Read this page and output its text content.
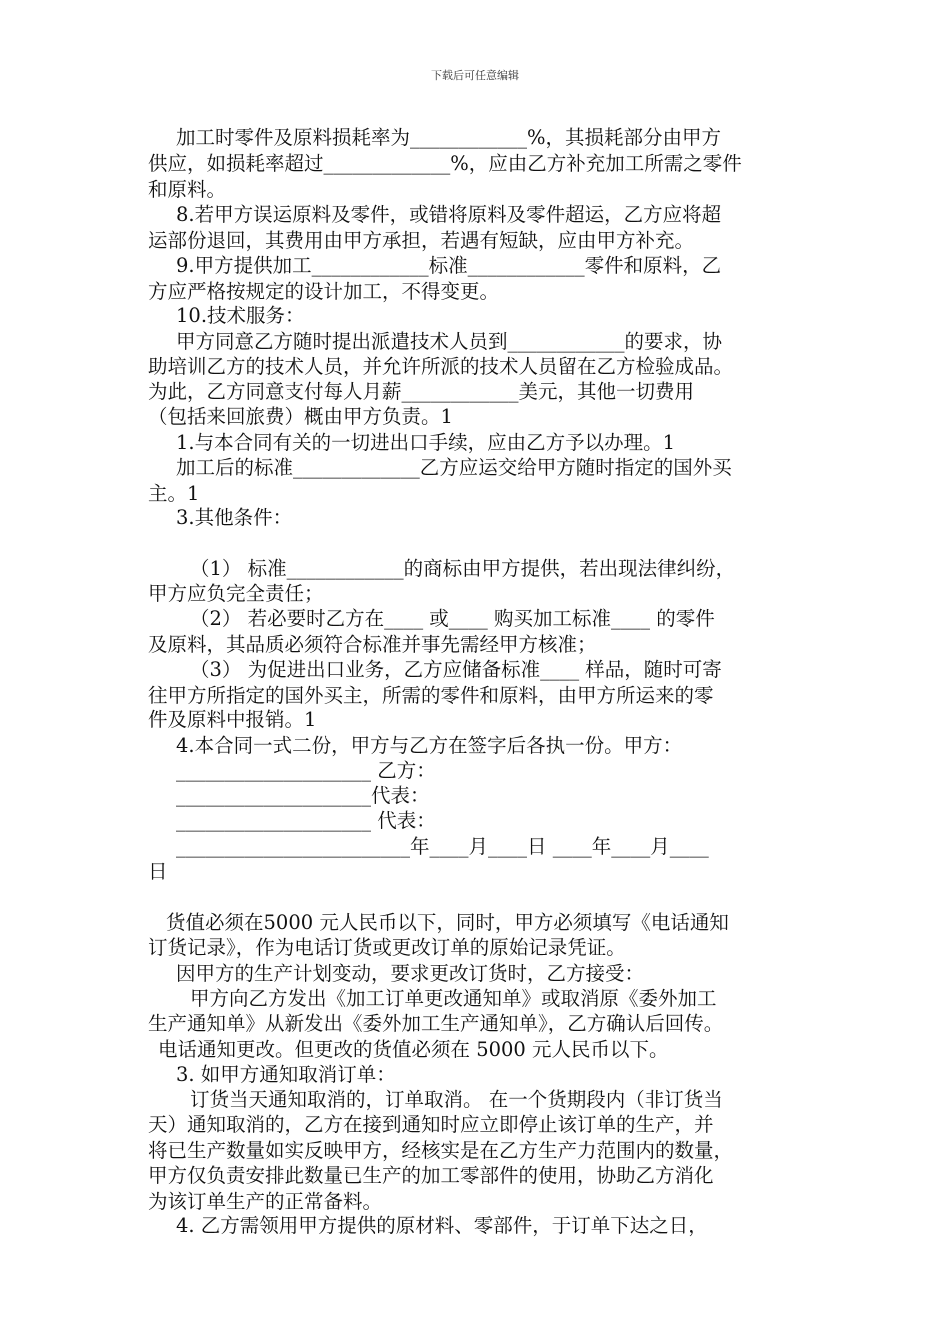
下载后可任意编辑
加工时零件及原料损耗率为____________%，其损耗部分由甲方
供应，如损耗率超过_____________%，应由乙方补充加工所需之零件
和原料。
8.若甲方误运原料及零件，或错将原料及零件超运，乙方应将超
运部份退回，其费用由甲方承担，若遇有短缺，应由甲方补充。
9.甲方提供加工____________标准____________零件和原料，乙
方应严格按规定的设计加工，不得变更。
10.技术服务：
甲方同意乙方随时提出派遣技术人员到____________的要求，协
助培训乙方的技术人员，并允许所派的技术人员留在乙方检验成品。
为此，乙方同意支付每人月薪____________美元，其他一切费用
（包括来回旅费）概由甲方负责。1
1.与本合同有关的一切进出口手续，应由乙方予以办理。1
加工后的标准_____________乙方应运交给甲方随时指定的国外买
主。1
3.其他条件：
（1） 标准____________的商标由甲方提供，若出现法律纠纷，
甲方应负完全责任；
（2） 若必要时乙方在____ 或____ 购买加工标准____ 的零件
及原料，其品质必须符合标准并事先需经甲方核准；
（3） 为促进出口业务，乙方应储备标准____ 样品，随时可寄
往甲方所指定的国外买主，所需的零件和原料，由甲方所运来的零
件及原料中报销。1
4.本合同一式二份，甲方与乙方在签字后各执一份。甲方：
____________________ 乙方：
____________________代表：
____________________ 代表：
________________________年____月____日 ____年____月____
日
货值必须在5000 元人民币以下，同时，甲方必须填写《电话通知
订货记录》，作为电话订货或更改订单的原始记录凭证。
因甲方的生产计划变动，要求更改订货时，乙方接受：
甲方向乙方发出《加工订单更改通知单》或取消原《委外加工
生产通知单》从新发出《委外加工生产通知单》，乙方确认后回传。
电话通知更改。但更改的货值必须在 5000 元人民币以下。
3. 如甲方通知取消订单：
订货当天通知取消的，订单取消。 在一个货期段内（非订货当
天）通知取消的，乙方在接到通知时应立即停止该订单的生产，并
将已生产数量如实反映甲方，经核实是在乙方生产力范围内的数量，
甲方仅负责安排此数量已生产的加工零部件的使用，协助乙方消化
为该订单生产的正常备料。
4. 乙方需领用甲方提供的原材料、零部件，于订单下达之日，
